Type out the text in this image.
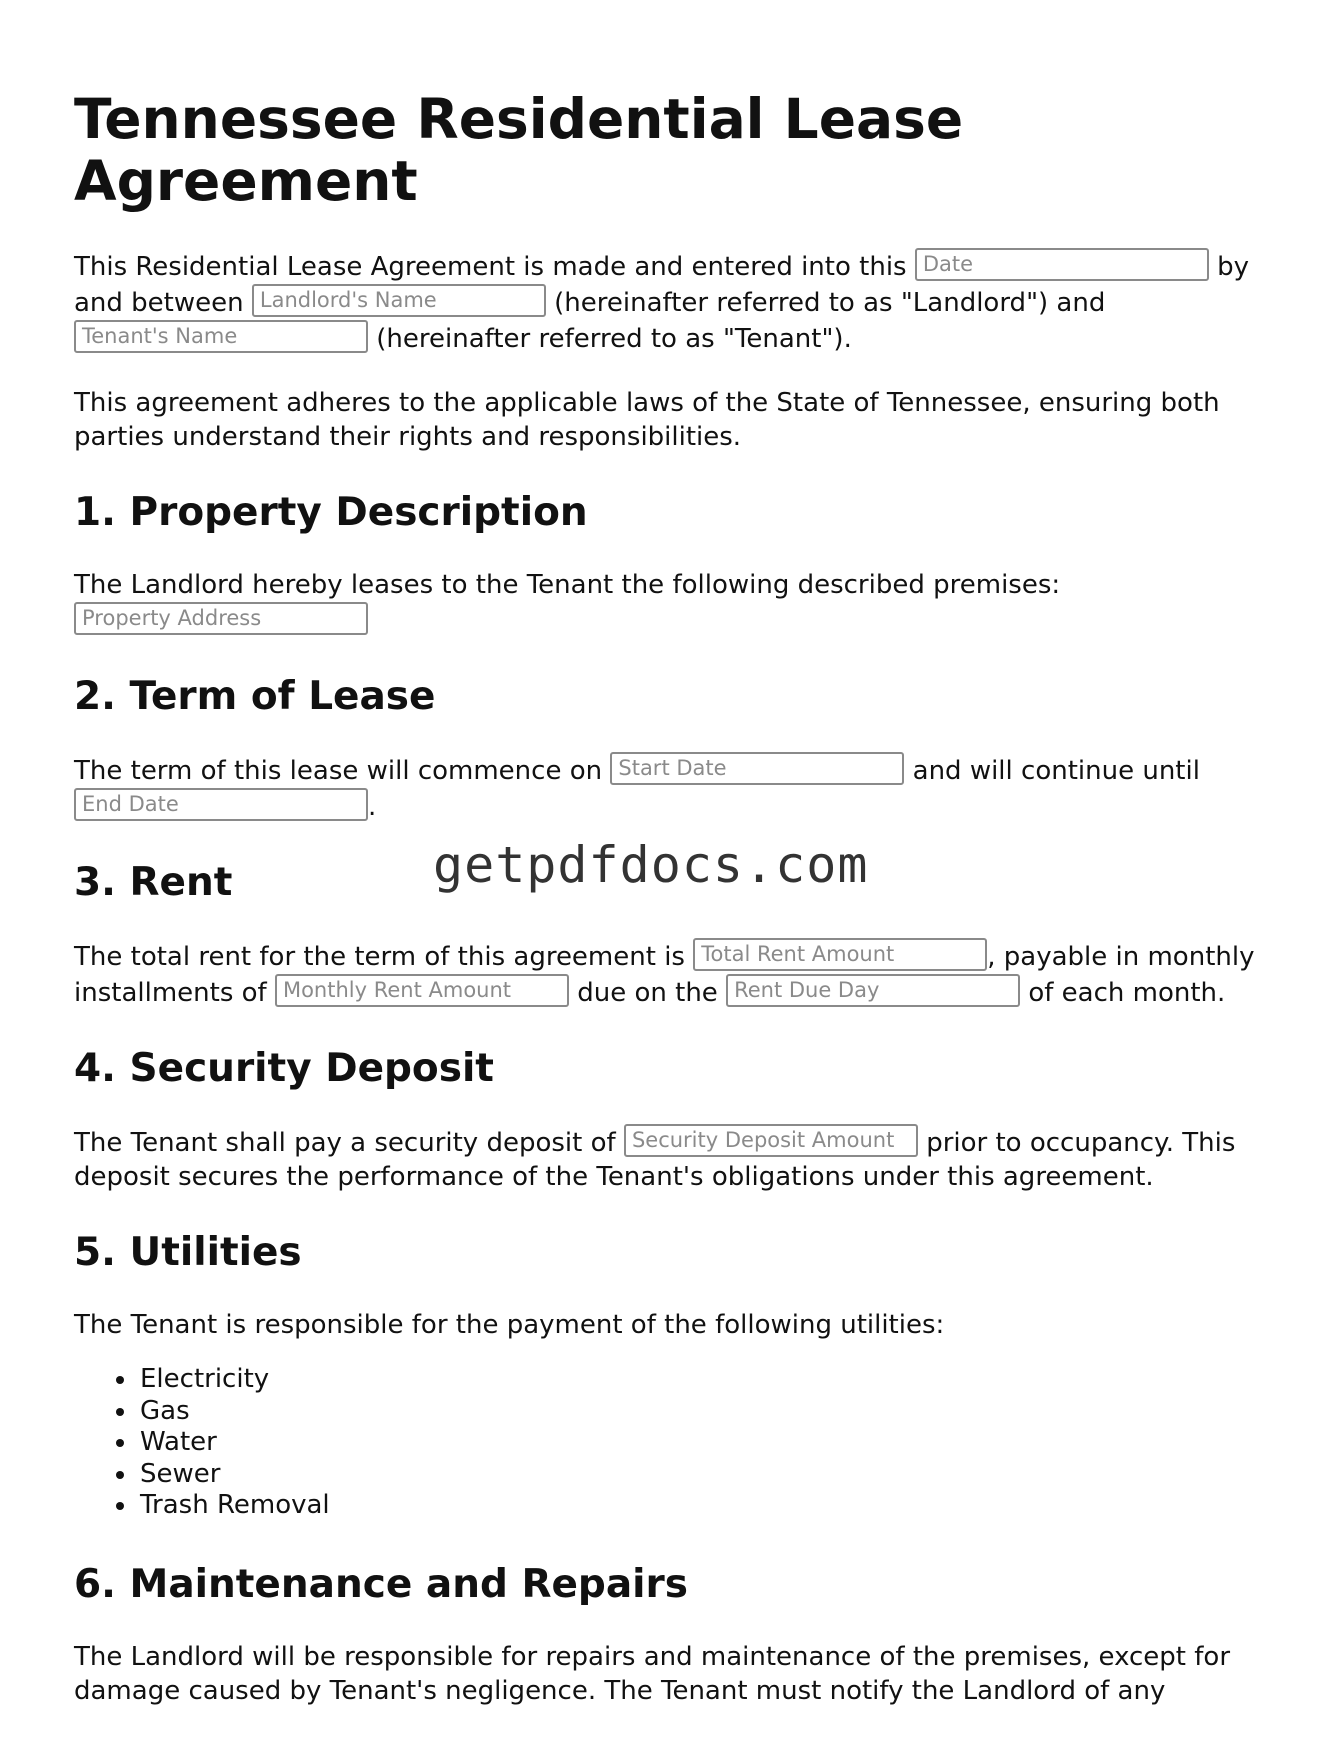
getpdfdocs.com
Tennessee Residential Lease Agreement

This Residential Lease Agreement is made and entered into this Date	by and between Landlord's Name	(hereinafter referred to as "Landlord") and Tenant's Name	(hereinafter referred to as "Tenant").

This agreement adheres to the applicable laws of the State of Tennessee, ensuring both parties understand their rights and responsibilities.

1. Property Description

The Landlord hereby leases to the Tenant the following described premises:
Property Address

2. Term of Lease

The term of this lease will commence on Start Date	and will continue until End Date	.

3. Rent

The total rent for the term of this agreement is Total Rent Amount	, payable in monthly installments of Monthly Rent Amount	due on the Rent Due Day	of each month.

4. Security Deposit

The Tenant shall pay a security deposit of Security Deposit Amount prior to occupancy. This deposit secures the performance of the Tenant's obligations under this agreement.

5. Utilities

The Tenant is responsible for the payment of the following utilities:

• Electricity
• Gas
• Water
• Sewer
• Trash Removal
6. Maintenance and Repairs

The Landlord will be responsible for repairs and maintenance of the premises, except for damage caused by Tenant's negligence. The Tenant must notify the Landlord of any
